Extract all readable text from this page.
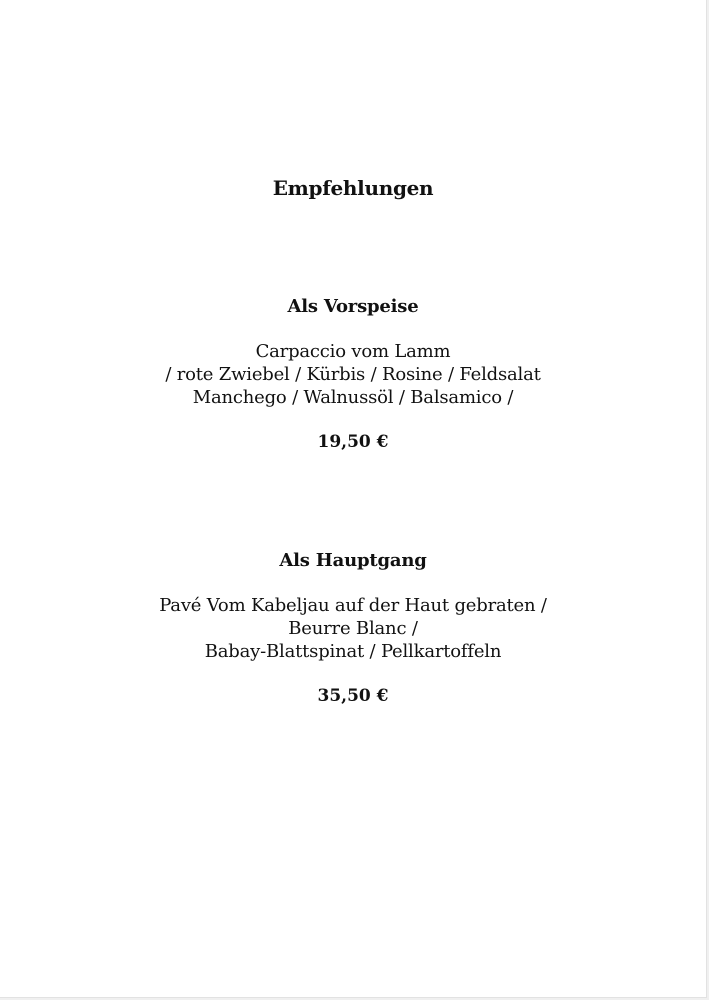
Empfehlungen
Als Vorspeise
Carpaccio vom Lamm
/ rote Zwiebel / Kürbis / Rosine / Feldsalat
Manchego / Walnussöl / Balsamico /
19,50 €
Als Hauptgang
Pavé Vom Kabeljau auf der Haut gebraten /
Beurre Blanc /
Babay-Blattspinat / Pellkartoffeln
35,50 €
